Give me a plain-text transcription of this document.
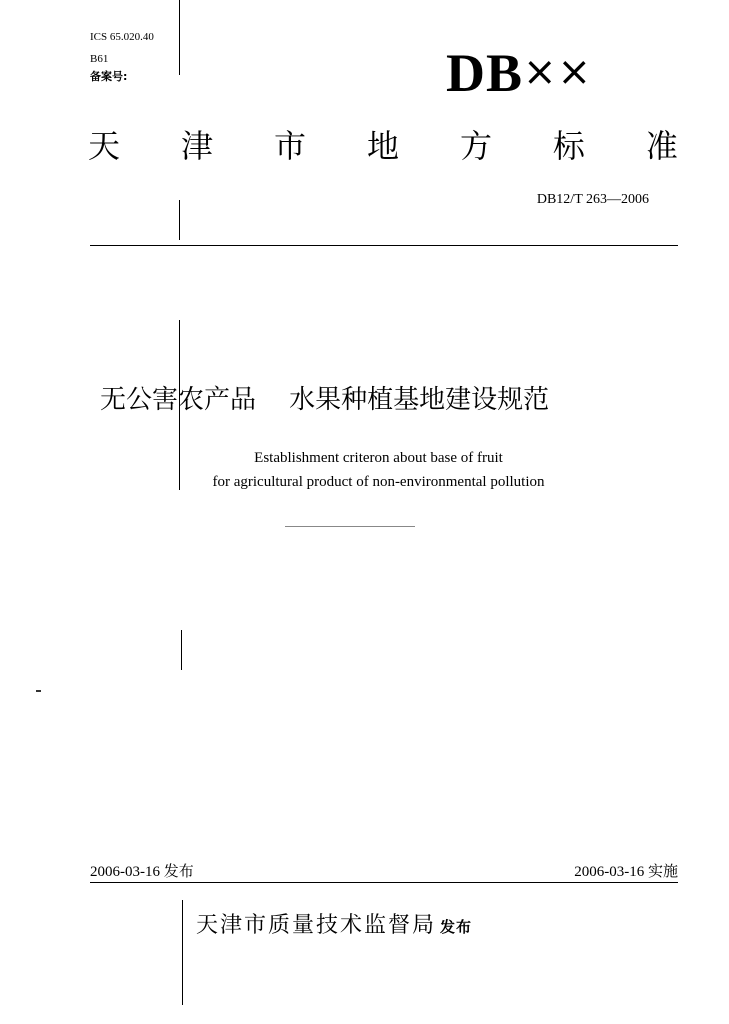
ICS 65.020.40
B61
备案号:	DB××
天 津 市 地 方 标 准
DB12/T 263—2006
无公害农产品 水果种植基地建设规范
Establishment criteron about base of fruit
for agricultural product of non-environmental pollution
2006-03-16 发布	2006-03-16 实施
天津市质量技术监督局 发布
